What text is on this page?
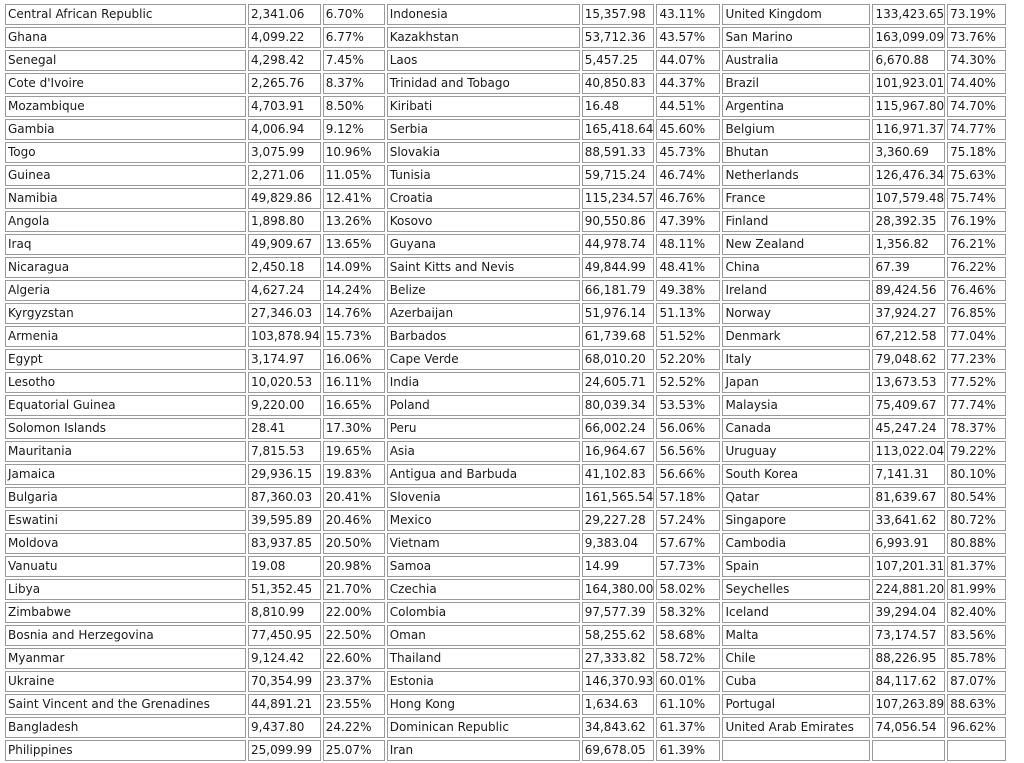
Central African Republic	2,341.06	6.70%	Indonesia	15,357.98	43.11%	United Kingdom	133,423.65	73.19%
Ghana	4,099.22	6.77%	Kazakhstan	53,712.36	43.57%	San Marino	163,099.09	73.76%
Senegal	4,298.42	7.45%	Laos	5,457.25	44.07%	Australia	6,670.88	74.30%
Cote d'Ivoire	2,265.76	8.37%	Trinidad and Tobago	40,850.83	44.37%	Brazil	101,923.01	74.40%
Mozambique	4,703.91	8.50%	Kiribati	16.48	44.51%	Argentina	115,967.80	74.70%
Gambia	4,006.94	9.12%	Serbia	165,418.64	45.60%	Belgium	116,971.37	74.77%
Togo	3,075.99	10.96%	Slovakia	88,591.33	45.73%	Bhutan	3,360.69	75.18%
Guinea	2,271.06	11.05%	Tunisia	59,715.24	46.74%	Netherlands	126,476.34	75.63%
Namibia	49,829.86	12.41%	Croatia	115,234.57	46.76%	France	107,579.48	75.74%
Angola	1,898.80	13.26%	Kosovo	90,550.86	47.39%	Finland	28,392.35	76.19%
Iraq	49,909.67	13.65%	Guyana	44,978.74	48.11%	New Zealand	1,356.82	76.21%
Nicaragua	2,450.18	14.09%	Saint Kitts and Nevis	49,844.99	48.41%	China	67.39	76.22%
Algeria	4,627.24	14.24%	Belize	66,181.79	49.38%	Ireland	89,424.56	76.46%
Kyrgyzstan	27,346.03	14.76%	Azerbaijan	51,976.14	51.13%	Norway	37,924.27	76.85%
Armenia	103,878.94	15.73%	Barbados	61,739.68	51.52%	Denmark	67,212.58	77.04%
Egypt	3,174.97	16.06%	Cape Verde	68,010.20	52.20%	Italy	79,048.62	77.23%
Lesotho	10,020.53	16.11%	India	24,605.71	52.52%	Japan	13,673.53	77.52%
Equatorial Guinea	9,220.00	16.65%	Poland	80,039.34	53.53%	Malaysia	75,409.67	77.74%
Solomon Islands	28.41	17.30%	Peru	66,002.24	56.06%	Canada	45,247.24	78.37%
Mauritania	7,815.53	19.65%	Asia	16,964.67	56.56%	Uruguay	113,022.04	79.22%
Jamaica	29,936.15	19.83%	Antigua and Barbuda	41,102.83	56.66%	South Korea	7,141.31	80.10%
Bulgaria	87,360.03	20.41%	Slovenia	161,565.54	57.18%	Qatar	81,639.67	80.54%
Eswatini	39,595.89	20.46%	Mexico	29,227.28	57.24%	Singapore	33,641.62	80.72%
Moldova	83,937.85	20.50%	Vietnam	9,383.04	57.67%	Cambodia	6,993.91	80.88%
Vanuatu	19.08	20.98%	Samoa	14.99	57.73%	Spain	107,201.31	81.37%
Libya	51,352.45	21.70%	Czechia	164,380.00	58.02%	Seychelles	224,881.20	81.99%
Zimbabwe	8,810.99	22.00%	Colombia	97,577.39	58.32%	Iceland	39,294.04	82.40%
Bosnia and Herzegovina	77,450.95	22.50%	Oman	58,255.62	58.68%	Malta	73,174.57	83.56%
Myanmar	9,124.42	22.60%	Thailand	27,333.82	58.72%	Chile	88,226.95	85.78%
Ukraine	70,354.99	23.37%	Estonia	146,370.93	60.01%	Cuba	84,117.62	87.07%
Saint Vincent and the Grenadines	44,891.21	23.55%	Hong Kong	1,634.63	61.10%	Portugal	107,263.89	88.63%
Bangladesh	9,437.80	24.22%	Dominican Republic	34,843.62	61.37%	United Arab Emirates	74,056.54	96.62%
Philippines	25,099.99	25.07%	Iran	69,678.05	61.39%			
